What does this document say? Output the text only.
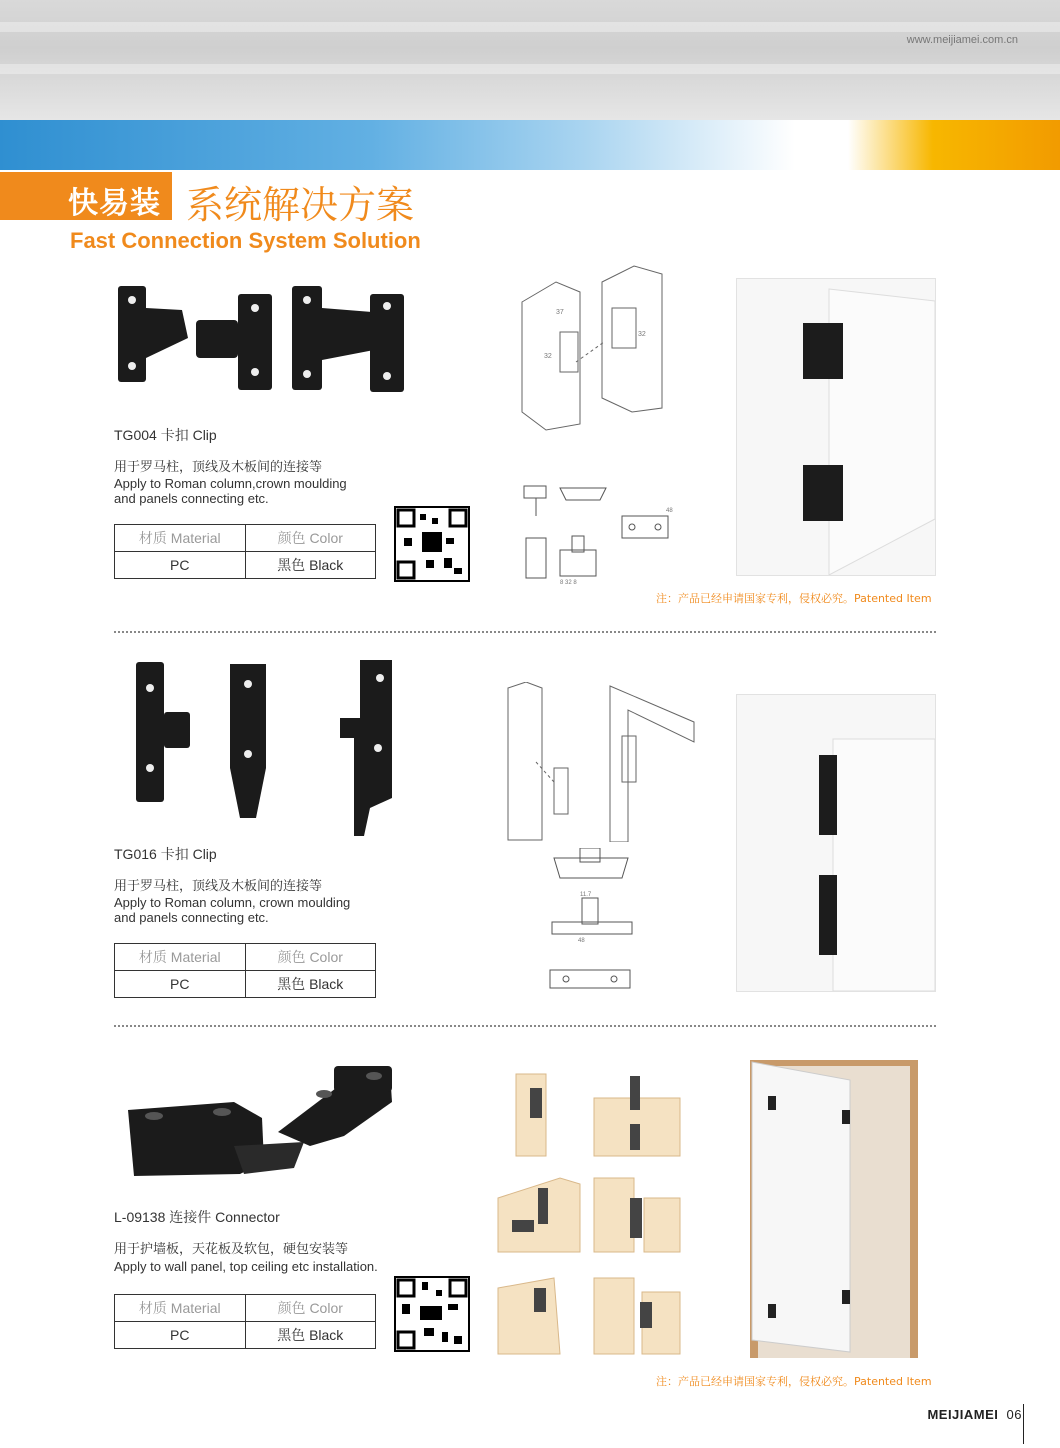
www.meijiamei.com.cn
快易装 系统解决方案
Fast Connection System Solution
37
32
32
8 32 8
48
TG004 卡扣 Clip
用于罗马柱，顶线及木板间的连接等
Apply to Roman column,crown moulding
and panels connecting etc.
材质 Material	颜色 Color
PC	黑色 Black
注：产品已经申请国家专利，侵权必究。Patented Item
11.7
48
TG016 卡扣 Clip
用于罗马柱，顶线及木板间的连接等
Apply to Roman column, crown moulding
and panels connecting etc.
材质 Material	颜色 Color
PC	黑色 Black
L-09138 连接件 Connector
用于护墙板，天花板及软包，硬包安装等
Apply to wall panel, top ceiling etc installation.
材质 Material	颜色 Color
PC	黑色 Black
注：产品已经申请国家专利，侵权必究。Patented Item
MEIJIAMEI 06
